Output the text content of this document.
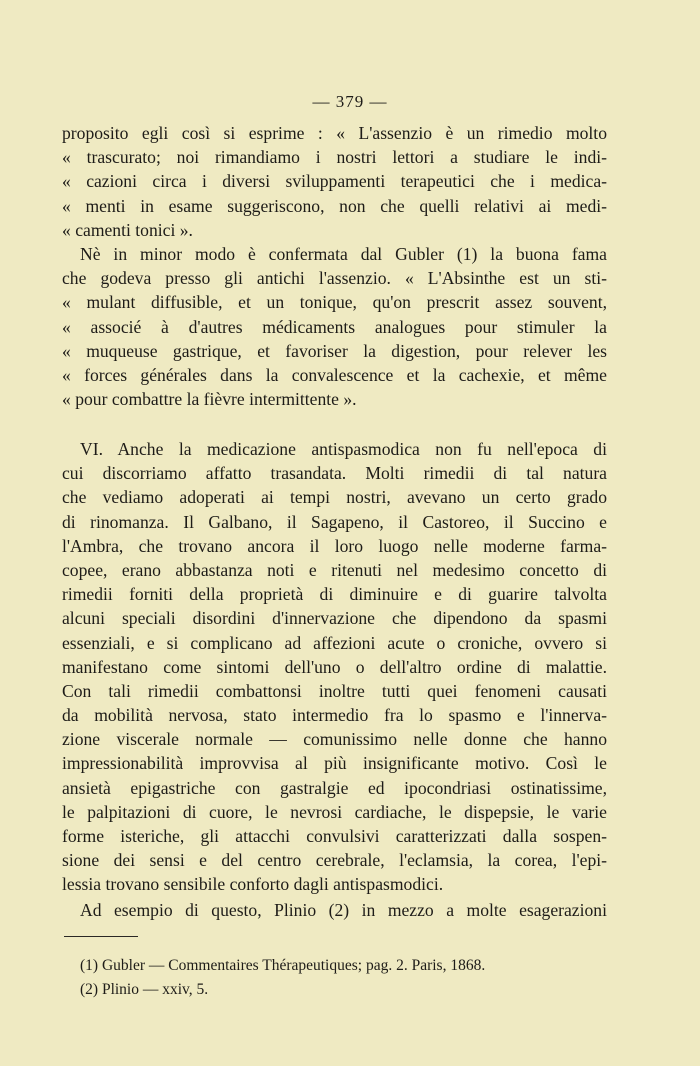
— 379 —
proposito egli così si esprime : « L'assenzio è un rimedio molto
« trascurato; noi rimandiamo i nostri lettori a studiare le indi-
« cazioni circa i diversi sviluppamenti terapeutici che i medica-
« menti in esame suggeriscono, non che quelli relativi ai medi-
« camenti tonici ».
Nè in minor modo è confermata dal Gubler (1) la buona fama
che godeva presso gli antichi l'assenzio. « L'Absinthe est un sti-
« mulant diffusible, et un tonique, qu'on prescrit assez souvent,
« associé à d'autres médicaments analogues pour stimuler la
« muqueuse gastrique, et favoriser la digestion, pour relever les
« forces générales dans la convalescence et la cachexie, et même
« pour combattre la fièvre intermittente ».
VI. Anche la medicazione antispasmodica non fu nell'epoca di
cui discorriamo affatto trasandata. Molti rimedii di tal natura
che vediamo adoperati ai tempi nostri, avevano un certo grado
di rinomanza. Il Galbano, il Sagapeno, il Castoreo, il Succino e
l'Ambra, che trovano ancora il loro luogo nelle moderne farma-
copee, erano abbastanza noti e ritenuti nel medesimo concetto di
rimedii forniti della proprietà di diminuire e di guarire talvolta
alcuni speciali disordini d'innervazione che dipendono da spasmi
essenziali, e si complicano ad affezioni acute o croniche, ovvero si
manifestano come sintomi dell'uno o dell'altro ordine di malattie.
Con tali rimedii combattonsi inoltre tutti quei fenomeni causati
da mobilità nervosa, stato intermedio fra lo spasmo e l'innerva-
zione viscerale normale — comunissimo nelle donne che hanno
impressionabilità improvvisa al più insignificante motivo. Così le
ansietà epigastriche con gastralgie ed ipocondriasi ostinatissime,
le palpitazioni di cuore, le nevrosi cardiache, le dispepsie, le varie
forme isteriche, gli attacchi convulsivi caratterizzati dalla sospen-
sione dei sensi e del centro cerebrale, l'eclamsia, la corea, l'epi-
lessia trovano sensibile conforto dagli antispasmodici.
Ad esempio di questo, Plinio (2) in mezzo a molte esagerazioni
(1) Gubler — Commentaires Thérapeutiques; pag. 2. Paris, 1868.
(2) Plinio — xxiv, 5.
